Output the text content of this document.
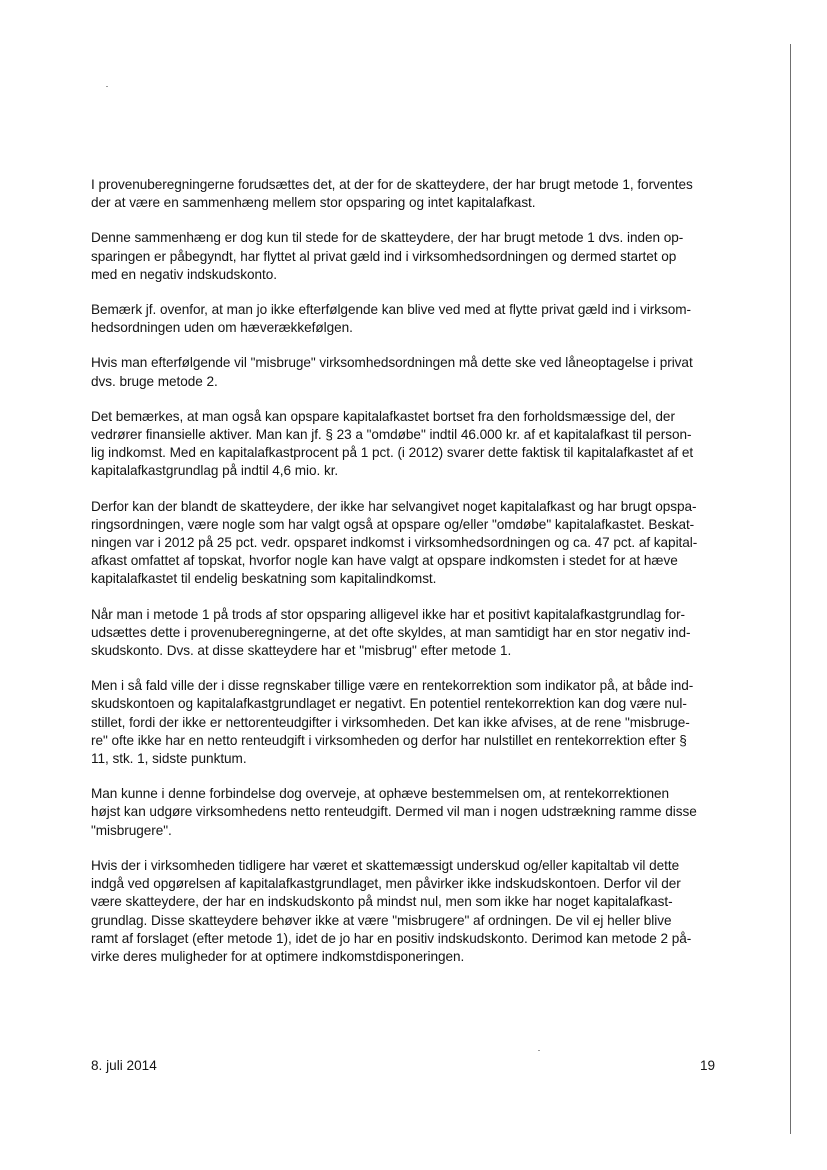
I provenuberegningerne forudsættes det, at der for de skatteydere, der har brugt metode 1, forventes
der at være en sammenhæng mellem stor opsparing og intet kapitalafkast.

Denne sammenhæng er dog kun til stede for de skatteydere, der har brugt metode 1 dvs. inden op-
sparingen er påbegyndt, har flyttet al privat gæld ind i virksomhedsordningen og dermed startet op
med en negativ indskudskonto.

Bemærk jf. ovenfor, at man jo ikke efterfølgende kan blive ved med at flytte privat gæld ind i virksom-
hedsordningen uden om hæverækkefølgen.

Hvis man efterfølgende vil "misbruge" virksomhedsordningen må dette ske ved låneoptagelse i privat
dvs. bruge metode 2.

Det bemærkes, at man også kan opspare kapitalafkastet bortset fra den forholdsmæssige del, der
vedrører finansielle aktiver. Man kan jf. § 23 a "omdøbe" indtil 46.000 kr. af et kapitalafkast til person-
lig indkomst. Med en kapitalafkastprocent på 1 pct. (i 2012) svarer dette faktisk til kapitalafkastet af et
kapitalafkastgrundlag på indtil 4,6 mio. kr.

Derfor kan der blandt de skatteydere, der ikke har selvangivet noget kapitalafkast og har brugt opspa-
ringsordningen, være nogle som har valgt også at opspare og/eller "omdøbe" kapitalafkastet. Beskat-
ningen var i 2012 på 25 pct. vedr. opsparet indkomst i virksomhedsordningen og ca. 47 pct. af kapital-
afkast omfattet af topskat, hvorfor nogle kan have valgt at opspare indkomsten i stedet for at hæve
kapitalafkastet til endelig beskatning som kapitalindkomst.

Når man i metode 1 på trods af stor opsparing alligevel ikke har et positivt kapitalafkastgrundlag for-
udsættes dette i provenuberegningerne, at det ofte skyldes, at man samtidigt har en stor negativ ind-
skudskonto. Dvs. at disse skatteydere har et "misbrug" efter metode 1.

Men i så fald ville der i disse regnskaber tillige være en rentekorrektion som indikator på, at både ind-
skudskontoen og kapitalafkastgrundlaget er negativt. En potentiel rentekorrektion kan dog være nul-
stillet, fordi der ikke er nettorenteudgifter i virksomheden. Det kan ikke afvises, at de rene "misbruge-
re" ofte ikke har en netto renteudgift i virksomheden og derfor har nulstillet en rentekorrektion efter §
11, stk. 1, sidste punktum.

Man kunne i denne forbindelse dog overveje, at ophæve bestemmelsen om, at rentekorrektionen
højst kan udgøre virksomhedens netto renteudgift. Dermed vil man i nogen udstrækning ramme disse
"misbrugere".

Hvis der i virksomheden tidligere har været et skattemæssigt underskud og/eller kapitaltab vil dette
indgå ved opgørelsen af kapitalafkastgrundlaget, men påvirker ikke indskudskontoen. Derfor vil der
være skatteydere, der har en indskudskonto på mindst nul, men som ikke har noget kapitalafkast-
grundlag. Disse skatteydere behøver ikke at være "misbrugere" af ordningen. De vil ej heller blive
ramt af forslaget (efter metode 1), idet de jo har en positiv indskudskonto. Derimod kan metode 2 på-
virke deres muligheder for at optimere indkomstdisponeringen.

8. juli 2014	19
